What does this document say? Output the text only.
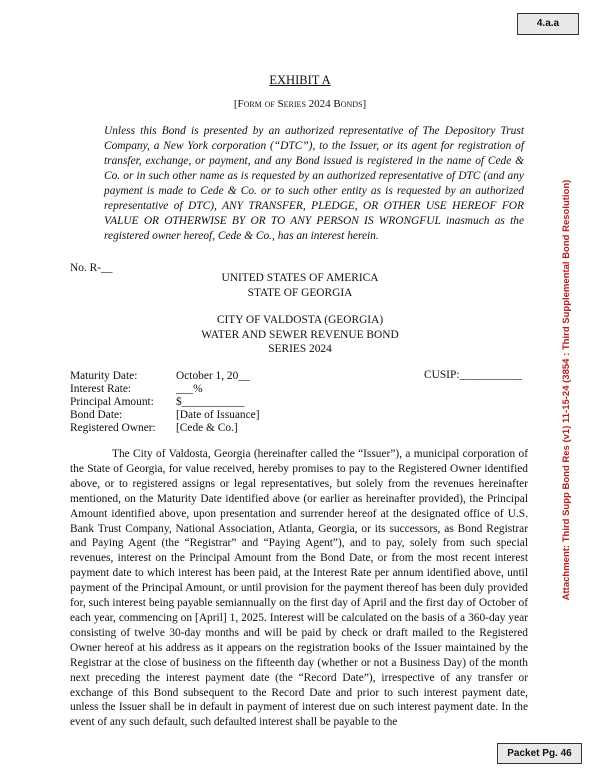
4.a.a
EXHIBIT A
[Form of Series 2024 Bonds]
Unless this Bond is presented by an authorized representative of The Depository Trust Company, a New York corporation (“DTC”), to the Issuer, or its agent for registration of transfer, exchange, or payment, and any Bond issued is registered in the name of Cede & Co. or in such other name as is requested by an authorized representative of DTC (and any payment is made to Cede & Co. or to such other entity as is requested by an authorized representative of DTC), ANY TRANSFER, PLEDGE, OR OTHER USE HEREOF FOR VALUE OR OTHERWISE BY OR TO ANY PERSON IS WRONGFUL inasmuch as the registered owner hereof, Cede & Co., has an interest herein.
No. R-__
UNITED STATES OF AMERICA
STATE OF GEORGIA
CITY OF VALDOSTA (GEORGIA)
WATER AND SEWER REVENUE BOND
SERIES 2024
Maturity Date:	October 1, 20__
Interest Rate:	___%
Principal Amount: $___________
Bond Date:	[Date of Issuance]
Registered Owner: [Cede & Co.]
CUSIP:___________
The City of Valdosta, Georgia (hereinafter called the “Issuer”), a municipal corporation of the State of Georgia, for value received, hereby promises to pay to the Registered Owner identified above, or to registered assigns or legal representatives, but solely from the revenues hereinafter mentioned, on the Maturity Date identified above (or earlier as hereinafter provided), the Principal Amount identified above, upon presentation and surrender hereof at the designated office of U.S. Bank Trust Company, National Association, Atlanta, Georgia, or its successors, as Bond Registrar and Paying Agent (the “Registrar” and “Paying Agent”), and to pay, solely from such special revenues, interest on the Principal Amount from the Bond Date, or from the most recent interest payment date to which interest has been paid, at the Interest Rate per annum identified above, until payment of the Principal Amount, or until provision for the payment thereof has been duly provided for, such interest being payable semiannually on the first day of April and the first day of October of each year, commencing on [April] 1, 2025. Interest will be calculated on the basis of a 360-day year consisting of twelve 30-day months and will be paid by check or draft mailed to the Registered Owner hereof at his address as it appears on the registration books of the Issuer maintained by the Registrar at the close of business on the fifteenth day (whether or not a Business Day) of the month next preceding the interest payment date (the “Record Date”), irrespective of any transfer or exchange of this Bond subsequent to the Record Date and prior to such interest payment date, unless the Issuer shall be in default in payment of interest due on such interest payment date. In the event of any such default, such defaulted interest shall be payable to the
Attachment: Third Supp Bond Res (v1) 11-15-24 (3854 : Third Supplemental Bond Resolution)
Packet Pg. 46
